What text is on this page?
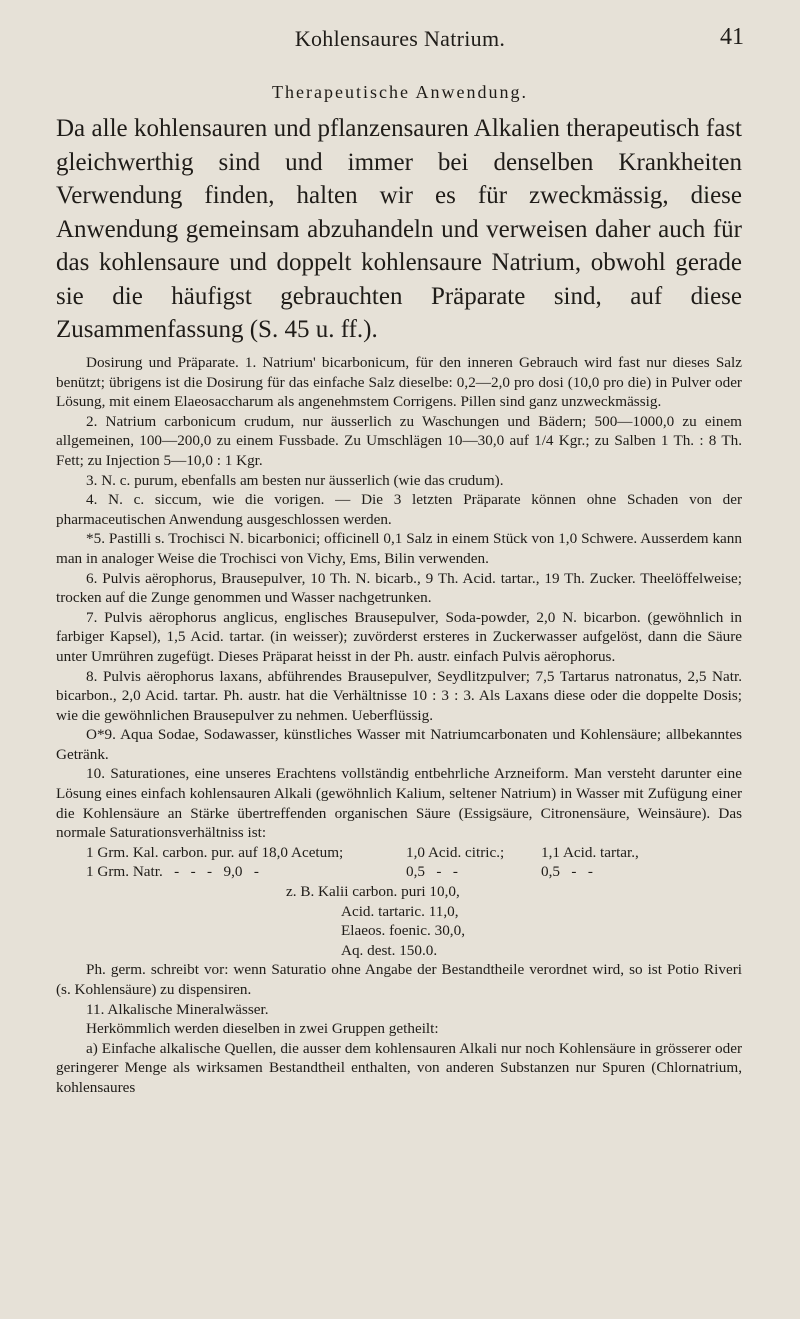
Kohlensaures Natrium.	41
Therapeutische Anwendung.
Da alle kohlensauren und pflanzensauren Alkalien therapeutisch fast gleichwerthig sind und immer bei denselben Krankheiten Verwendung finden, halten wir es für zweckmässig, diese Anwendung gemeinsam abzuhandeln und verweisen daher auch für das kohlensaure und doppelt kohlensaure Natrium, obwohl gerade sie die häufigst gebrauchten Präparate sind, auf diese Zusammenfassung (S. 45 u. ff.).

Dosirung und Präparate. 1. Natrium' bicarbonicum, für den inneren Gebrauch wird fast nur dieses Salz benützt; übrigens ist die Dosirung für das einfache Salz dieselbe: 0,2—2,0 pro dosi (10,0 pro die) in Pulver oder Lösung, mit einem Elaeosaccharum als angenehmstem Corrigens. Pillen sind ganz unzweckmässig.

2. Natrium carbonicum crudum, nur äusserlich zu Waschungen und Bädern; 500—1000,0 zu einem allgemeinen, 100—200,0 zu einem Fussbade. Zu Umschlägen 10—30,0 auf 1/4 Kgr.; zu Salben 1 Th. : 8 Th. Fett; zu Injection 5—10,0 : 1 Kgr.

3. N. c. purum, ebenfalls am besten nur äusserlich (wie das crudum).

4. N. c. siccum, wie die vorigen. — Die 3 letzten Präparate können ohne Schaden von der pharmaceutischen Anwendung ausgeschlossen werden.

*5. Pastilli s. Trochisci N. bicarbonici; officinell 0,1 Salz in einem Stück von 1,0 Schwere. Ausserdem kann man in analoger Weise die Trochisci von Vichy, Ems, Bilin verwenden.

6. Pulvis aërophorus, Brausepulver, 10 Th. N. bicarb., 9 Th. Acid. tartar., 19 Th. Zucker. Theelöffelweise; trocken auf die Zunge genommen und Wasser nachgetrunken.

7. Pulvis aërophorus anglicus, englisches Brausepulver, Soda-powder, 2,0 N. bicarbon. (gewöhnlich in farbiger Kapsel), 1,5 Acid. tartar. (in weisser); zuvörderst ersteres in Zuckerwasser aufgelöst, dann die Säure unter Umrühren zugefügt. Dieses Präparat heisst in der Ph. austr. einfach Pulvis aërophorus.

8. Pulvis aërophorus laxans, abführendes Brausepulver, Seydlitzpulver; 7,5 Tartarus natronatus, 2,5 Natr. bicarbon., 2,0 Acid. tartar. Ph. austr. hat die Verhältnisse 10 : 3 : 3. Als Laxans diese oder die doppelte Dosis; wie die gewöhnlichen Brausepulver zu nehmen. Ueberflüssig.

O*9. Aqua Sodae, Sodawasser, künstliches Wasser mit Natriumcarbonaten und Kohlensäure; allbekanntes Getränk.

10. Saturationes, eine unseres Erachtens vollständig entbehrliche Arzneiform. Man versteht darunter eine Lösung eines einfach kohlensauren Alkali (gewöhnlich Kalium, seltener Natrium) in Wasser mit Zufügung einer die Kohlensäure an Stärke übertreffenden organischen Säure (Essigsäure, Citronensäure, Weinsäure). Das normale Saturationsverhältniss ist:

1 Grm. Kal. carbon. pur. auf 18,0 Acetum;	1,0 Acid. citric.;	1,1 Acid. tartar.,
1 Grm. Natr.   -   -   -   9,0   -	0,5   -   -	0,5   -   -
z. B. Kalii carbon. puri 10,0,
Acid. tartaric. 11,0,
Elaeos. foenic. 30,0,
Aq. dest. 150.0.

Ph. germ. schreibt vor: wenn Saturatio ohne Angabe der Bestandtheile verordnet wird, so ist Potio Riveri (s. Kohlensäure) zu dispensiren.

11. Alkalische Mineralwässer.

Herkömmlich werden dieselben in zwei Gruppen getheilt:

a) Einfache alkalische Quellen, die ausser dem kohlensauren Alkali nur noch Kohlensäure in grösserer oder geringerer Menge als wirksamen Bestandtheil enthalten, von anderen Substanzen nur Spuren (Chlornatrium, kohlensaures
